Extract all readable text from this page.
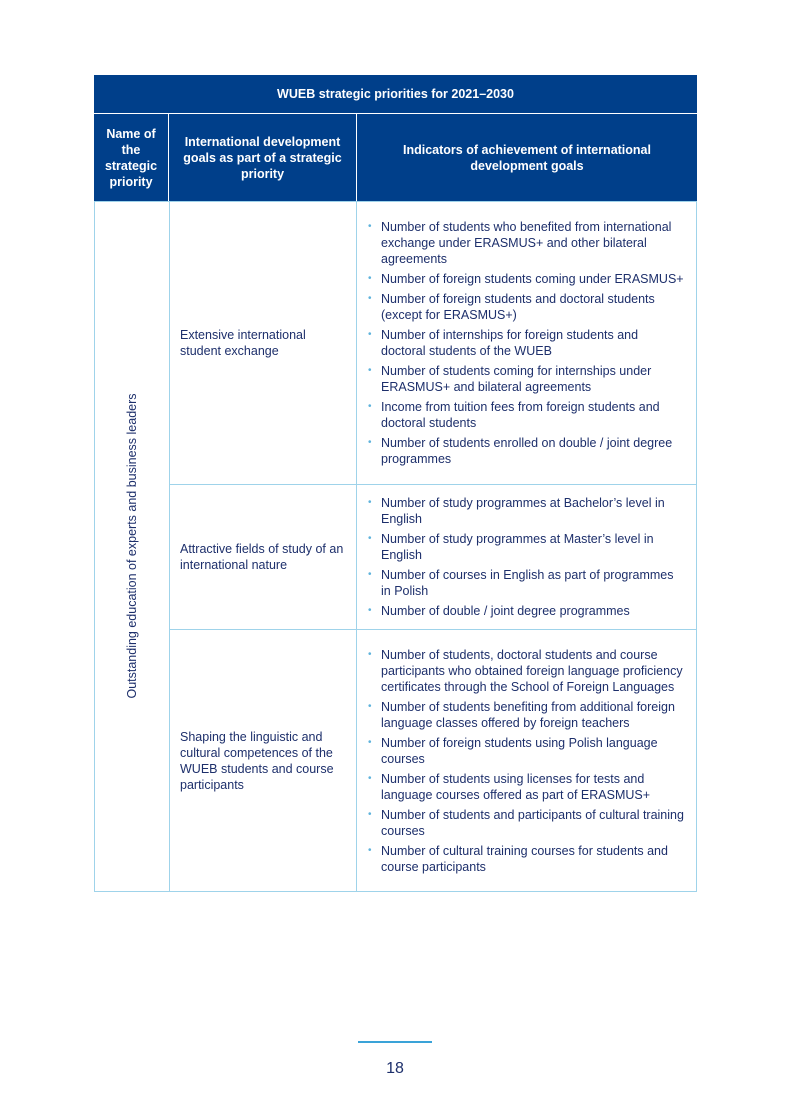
WUEB strategic priorities for 2021–2030
Name of the strategic priority
International development goals as part of a strategic priority
Indicators of achievement of international development goals
Outstanding education of experts and business leaders
Extensive international student exchange
• Number of students who benefited from international exchange under ERASMUS+ and other bilateral agreements
• Number of foreign students coming under ERASMUS+
• Number of foreign students and doctoral students (except for ERASMUS+)
• Number of internships for foreign students and doctoral students of the WUEB
• Number of students coming for internships under ERASMUS+ and bilateral agreements
• Income from tuition fees from foreign students and doctoral students
• Number of students enrolled on double / joint degree programmes
Attractive fields of study of an international nature
• Number of study programmes at Bachelor’s level in English
• Number of study programmes at Master’s level in English
• Number of courses in English as part of programmes in Polish
• Number of double / joint degree programmes
Shaping the linguistic and cultural competences of the WUEB students and course participants
• Number of students, doctoral students and course participants who obtained foreign language proficiency certificates through the School of Foreign Languages
• Number of students benefiting from additional foreign language classes offered by foreign teachers
• Number of foreign students using Polish language courses
• Number of students using licenses for tests and language courses offered as part of ERASMUS+
• Number of students and participants of cultural training courses
• Number of cultural training courses for students and course participants
18
